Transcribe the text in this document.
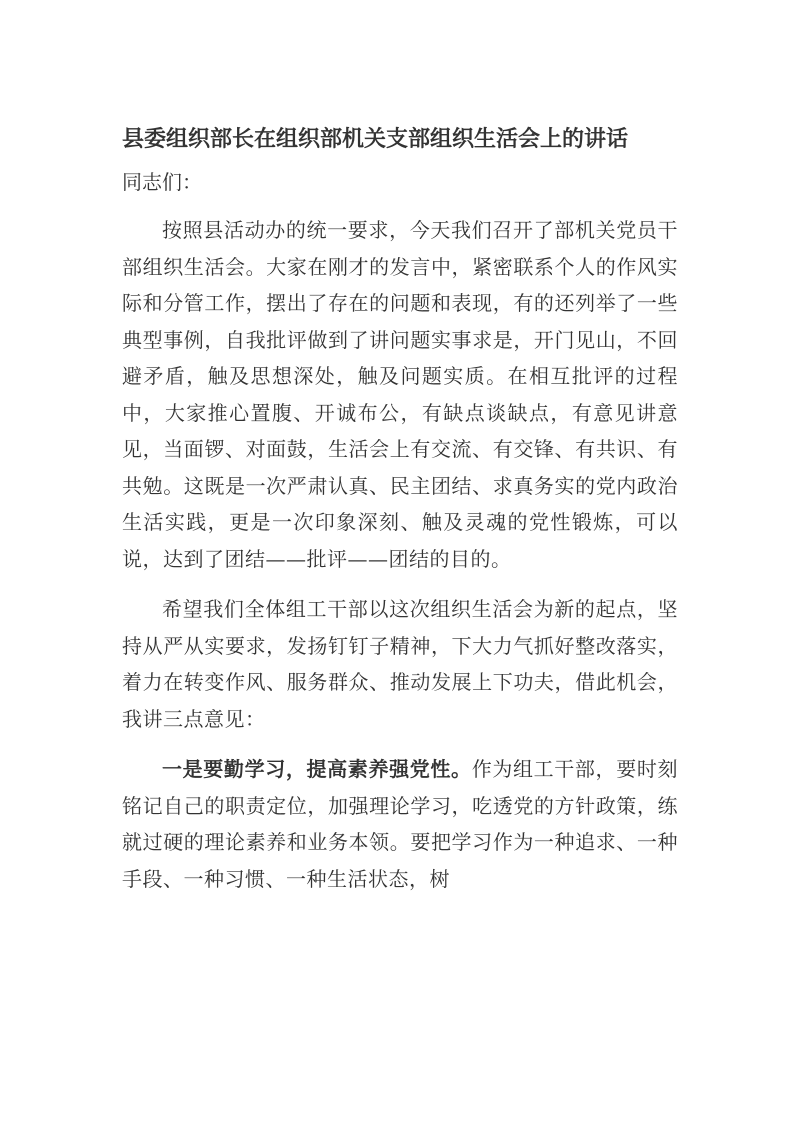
县委组织部长在组织部机关支部组织生活会上的讲话

同志们：

按照县活动办的统一要求，今天我们召开了部机关党员干部组织生活会。大家在刚才的发言中，紧密联系个人的作风实际和分管工作，摆出了存在的问题和表现，有的还列举了一些典型事例，自我批评做到了讲问题实事求是，开门见山，不回避矛盾，触及思想深处，触及问题实质。在相互批评的过程中，大家推心置腹、开诚布公，有缺点谈缺点，有意见讲意见，当面锣、对面鼓，生活会上有交流、有交锋、有共识、有共勉。这既是一次严肃认真、民主团结、求真务实的党内政治生活实践，更是一次印象深刻、触及灵魂的党性锻炼，可以说，达到了团结——批评——团结的目的。

希望我们全体组工干部以这次组织生活会为新的起点，坚持从严从实要求，发扬钉钉子精神，下大力气抓好整改落实，着力在转变作风、服务群众、推动发展上下功夫，借此机会，我讲三点意见：

一是要勤学习，提高素养强党性。作为组工干部，要时刻铭记自己的职责定位，加强理论学习，吃透党的方针政策，练就过硬的理论素养和业务本领。要把学习作为一种追求、一种手段、一种习惯、一种生活状态，树
